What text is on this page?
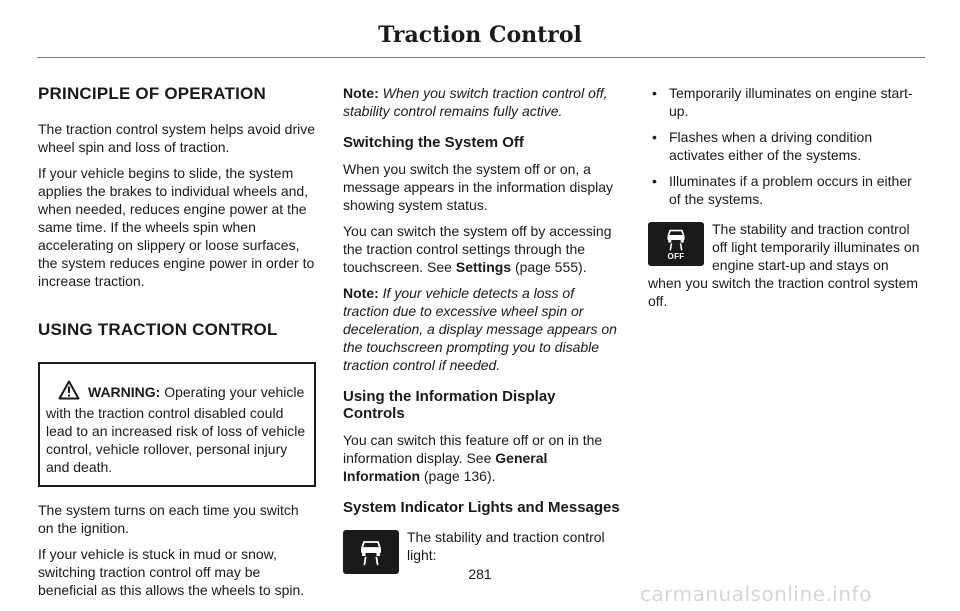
Traction Control
PRINCIPLE OF OPERATION

The traction control system helps avoid drive wheel spin and loss of traction.

If your vehicle begins to slide, the system applies the brakes to individual wheels and, when needed, reduces engine power at the same time. If the wheels spin when accelerating on slippery or loose surfaces, the system reduces engine power in order to increase traction.

USING TRACTION CONTROL
WARNING: Operating your vehicle with the traction control disabled could lead to an increased risk of loss of vehicle control, vehicle rollover, personal injury and death.

The system turns on each time you switch on the ignition.

If your vehicle is stuck in mud or snow, switching traction control off may be beneficial as this allows the wheels to spin.

Note: When you switch traction control off, stability control remains fully active.

Switching the System Off

When you switch the system off or on, a message appears in the information display showing system status.

You can switch the system off by accessing the traction control settings through the touchscreen. See Settings (page 555).

Note: If your vehicle detects a loss of traction due to excessive wheel spin or deceleration, a display message appears on the touchscreen prompting you to disable traction control if needed.

Using the Information Display Controls

You can switch this feature off or on in the information display. See General Information (page 136).

System Indicator Lights and Messages

The stability and traction control light:

• Temporarily illuminates on engine start-up.
• Flashes when a driving condition activates either of the systems.
• Illuminates if a problem occurs in either of the systems.
OFF

The stability and traction control off light temporarily illuminates on engine start-up and stays on when you switch the traction control system off.

281
carmanualsonline.info
